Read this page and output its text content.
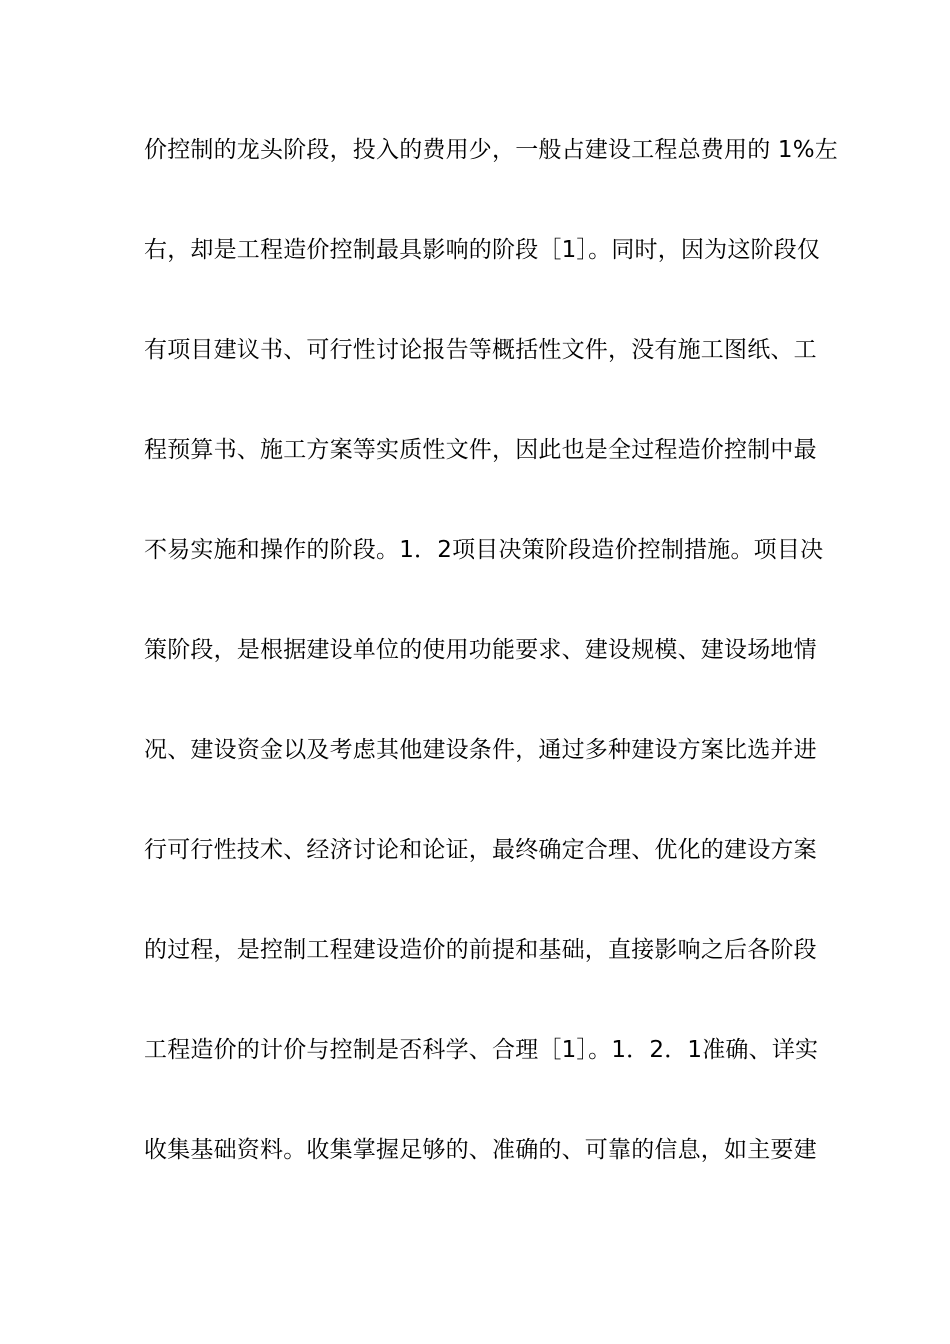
价控制的龙头阶段，投入的费用少，一般占建设工程总费用的 1%左
右，却是工程造价控制最具影响的阶段［1］。同时，因为这阶段仅
有项目建议书、可行性讨论报告等概括性文件，没有施工图纸、工
程预算书、施工方案等实质性文件，因此也是全过程造价控制中最
不易实施和操作的阶段。1．2项目决策阶段造价控制措施。项目决
策阶段，是根据建设单位的使用功能要求、建设规模、建设场地情
况、建设资金以及考虑其他建设条件，通过多种建设方案比选并进
行可行性技术、经济讨论和论证，最终确定合理、优化的建设方案
的过程，是控制工程建设造价的前提和基础，直接影响之后各阶段
工程造价的计价与控制是否科学、合理［1］。1．2．1准确、详实
收集基础资料。收集掌握足够的、准确的、可靠的信息，如主要建
